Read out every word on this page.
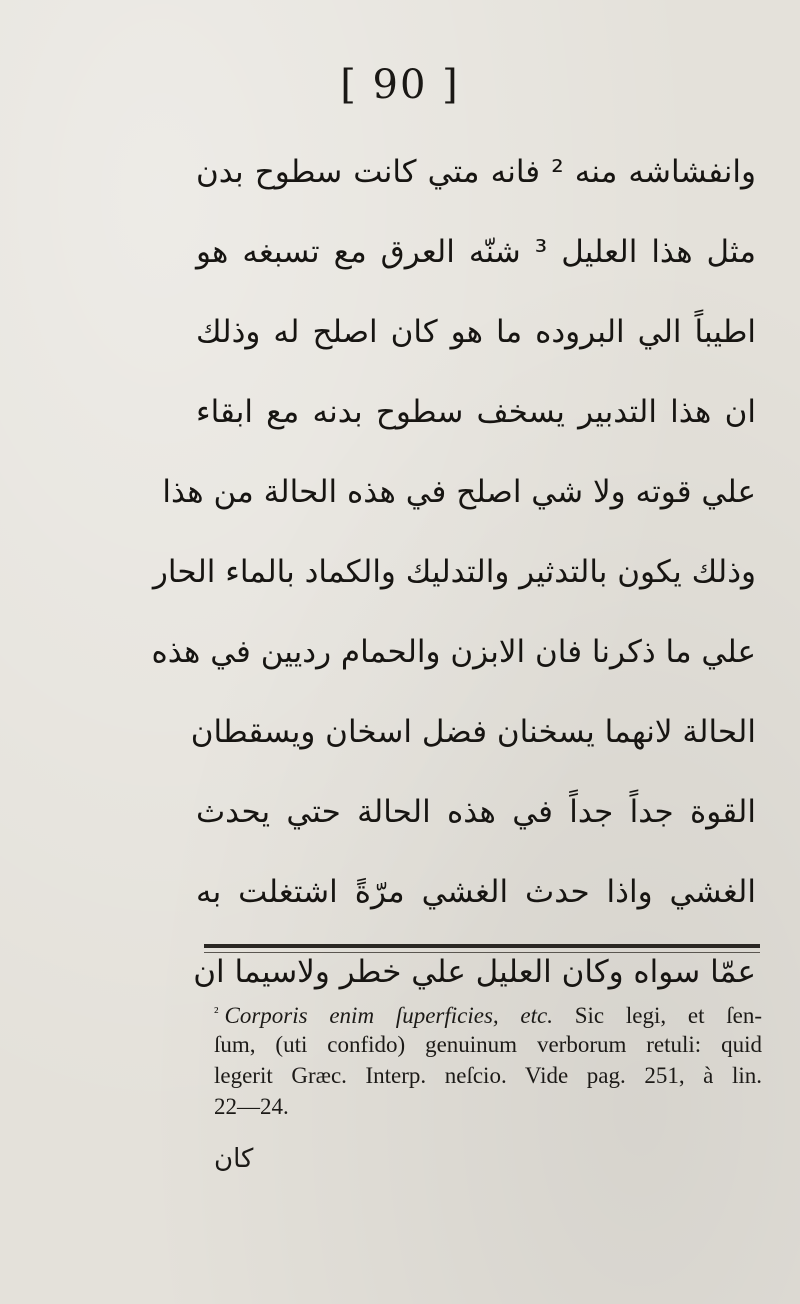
[ 90 ]
وانفشاشه منه ² فانه متي كانت سطوح بدن
مثل هذا العليل ³ شنّه العرق مع تسبغه هو
اطيباً الي البروده ما هو كان اصلح له وذلك
ان هذا التدبير يسخف سطوح بدنه مع ابقاء
علي قوته ولا شي اصلح في هذه الحالة من هذا
وذلك يكون بالتدثير والتدليك والكماد بالماء الحار
علي ما ذكرنا فان الابزن والحمام رديين في هذه
الحالة لانهما يسخنان فضل اسخان ويسقطان
القوة جداً جداً في هذه الحالة حتي يحدث
الغشي واذا حدث الغشي مرّةً اشتغلت به
عمّا سواه وكان العليل علي خطر ولاسيما ان
$^{^2}$ Corporis enim ſuperficies, etc. Sic legi, et ſen-
ſum, (uti confido) genuinum verborum retuli: quid
legerit Græc. Interp. neſcio. Vide pag. 251, à lin.
22—24.
كان
